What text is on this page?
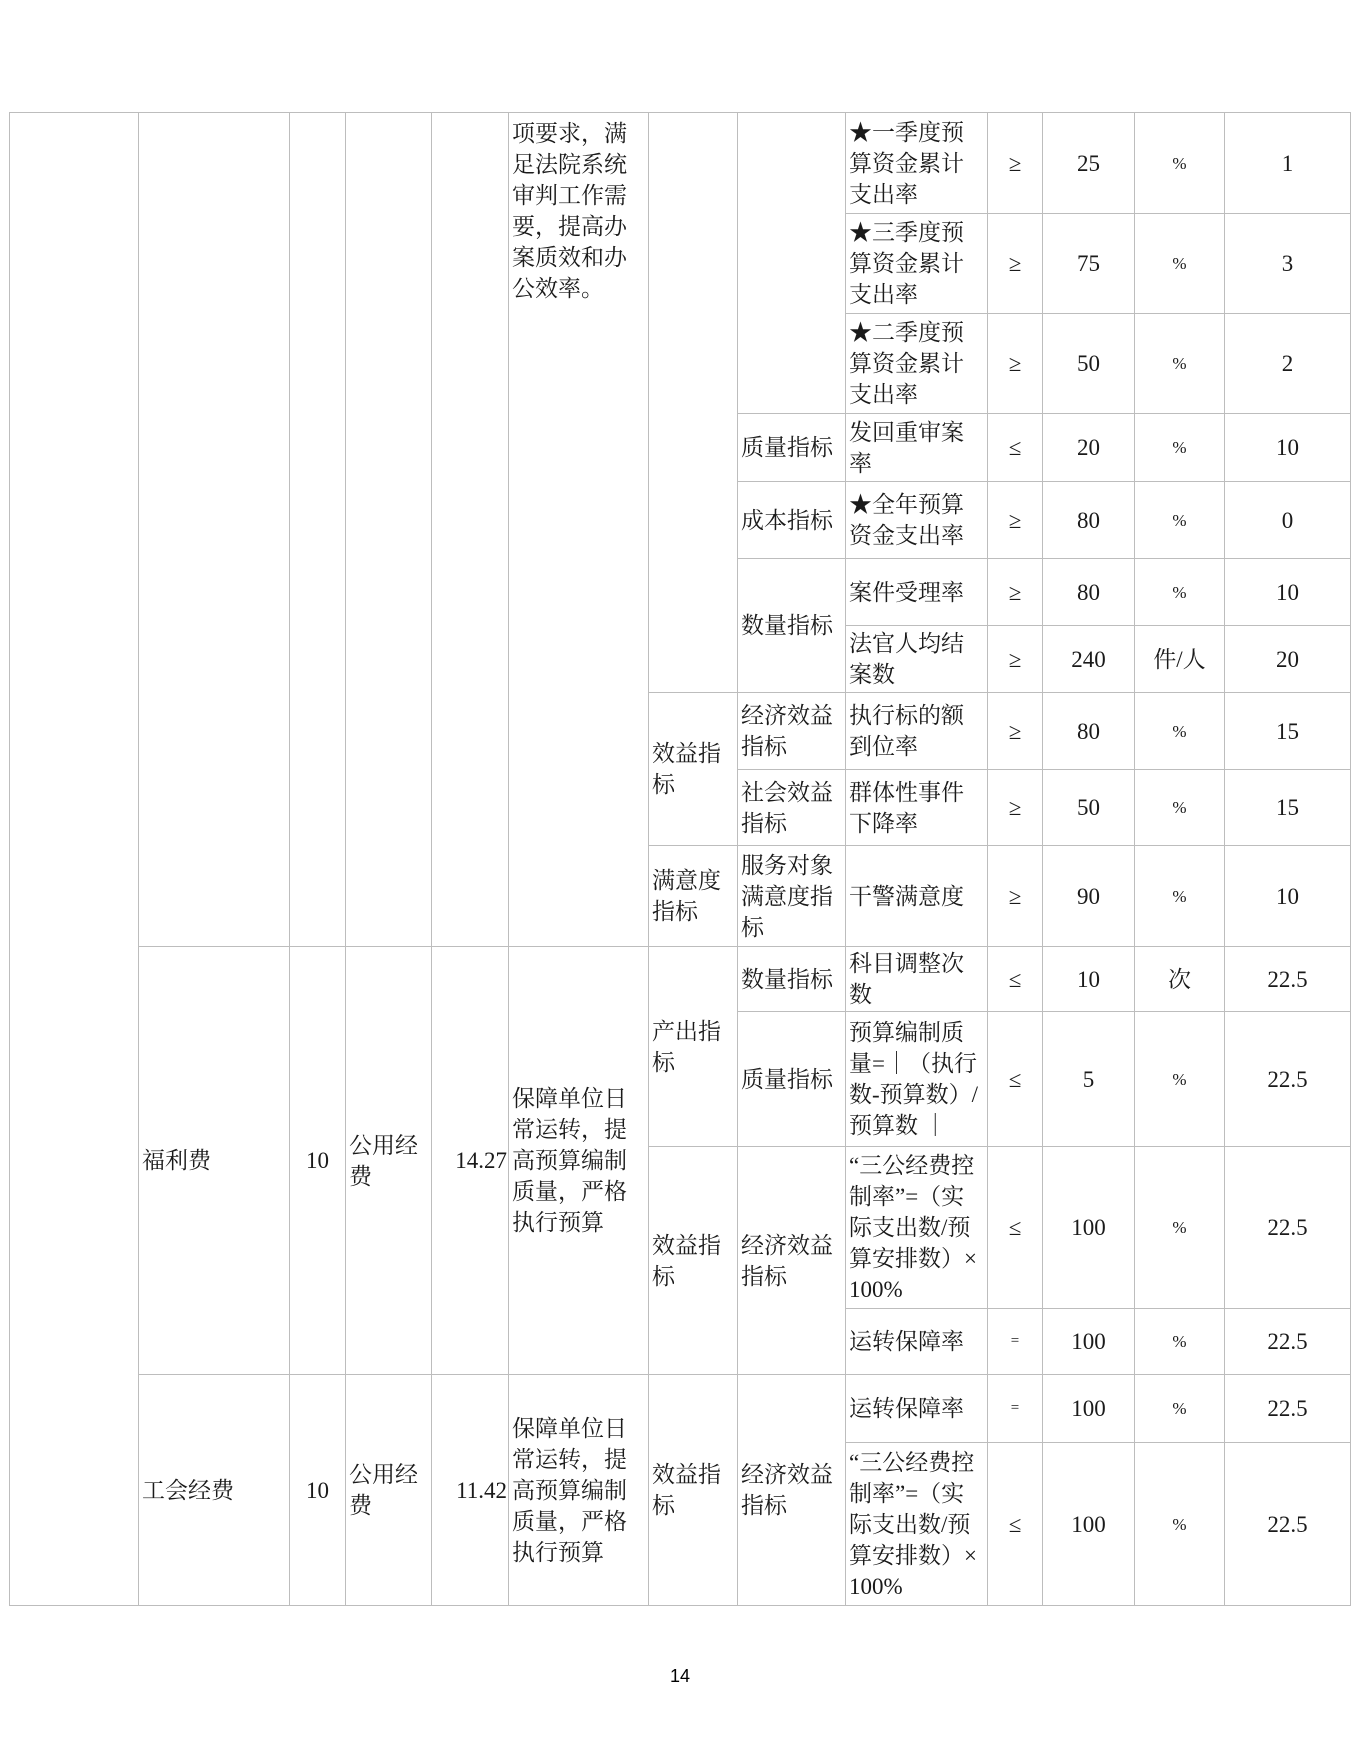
					项要求，满足法院系统审判工作需要，提高办案质效和办公效率。			★一季度预算资金累计支出率	≥	25	%	1
								★三季度预算资金累计支出率	≥	75	%	3
								★二季度预算资金累计支出率	≥	50	%	2
							质量指标	发回重审案率	≤	20	%	10
							成本指标	★全年预算资金支出率	≥	80	%	0
							数量指标	案件受理率	≥	80	%	10
								法官人均结案数	≥	240	件/人	20
						效益指标	经济效益指标	执行标的额到位率	≥	80	%	15
							社会效益指标	群体性事件下降率	≥	50	%	15
						满意度指标	服务对象满意度指标	干警满意度	≥	90	%	10
	福利费	10	公用经费	14.27	保障单位日常运转，提高预算编制质量，严格执行预算	产出指标	数量指标	科目调整次数	≤	10	次	22.5
							质量指标	预算编制质量=｜（执行数-预算数）/预算数 ｜	≤	5	%	22.5
						效益指标	经济效益指标	“三公经费控制率”=（实际支出数/预算安排数）×100%	≤	100	%	22.5
								运转保障率	=	100	%	22.5
	工会经费	10	公用经费	11.42	保障单位日常运转，提高预算编制质量，严格执行预算	效益指标	经济效益指标	运转保障率	=	100	%	22.5
								“三公经费控制率”=（实际支出数/预算安排数）×100%	≤	100	%	22.5
14
